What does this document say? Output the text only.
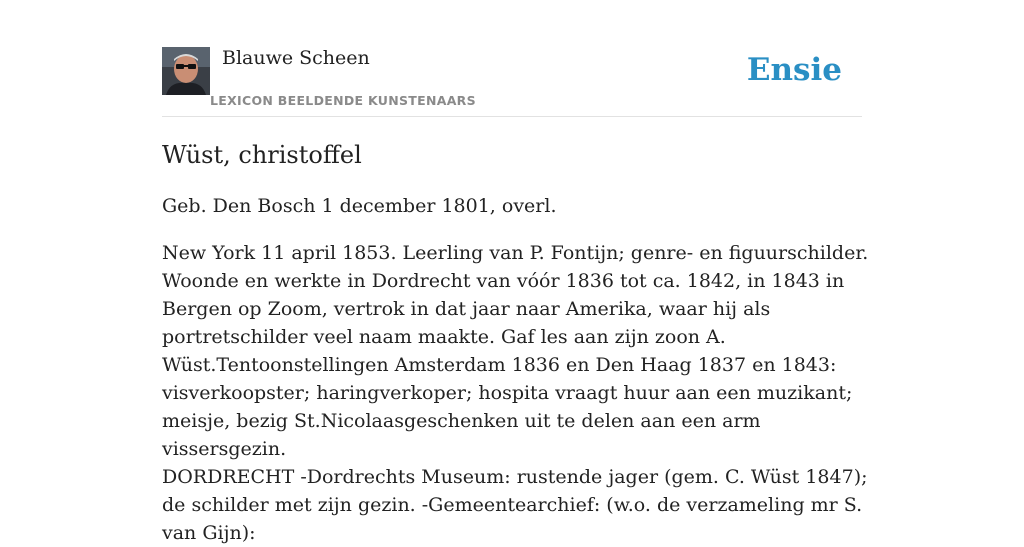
Blauwe Scheen
LEXICON BEELDENDE KUNSTENAARS
Ensie
Wüst, christoffel

Geb. Den Bosch 1 december 1801, overl.

New York 11 april 1853. Leerling van P. Fontijn; genre- en figuurschilder. Woonde en werkte in Dordrecht van vóór 1836 tot ca. 1842, in 1843 in Bergen op Zoom, vertrok in dat jaar naar Amerika, waar hij als portretschilder veel naam maakte. Gaf les aan zijn zoon A. Wüst.Tentoonstellingen Amsterdam 1836 en Den Haag 1837 en 1843: visverkoopster; haringverkoper; hospita vraagt huur aan een muzikant; meisje, bezig St.Nicolaasgeschenken uit te delen aan een arm vissersgezin.

DORDRECHT -Dordrechts Museum: rustende jager (gem. C. Wüst 1847); de schilder met zijn gezin. -Gemeentearchief: (w.o. de verzameling mr S. van Gijn):
